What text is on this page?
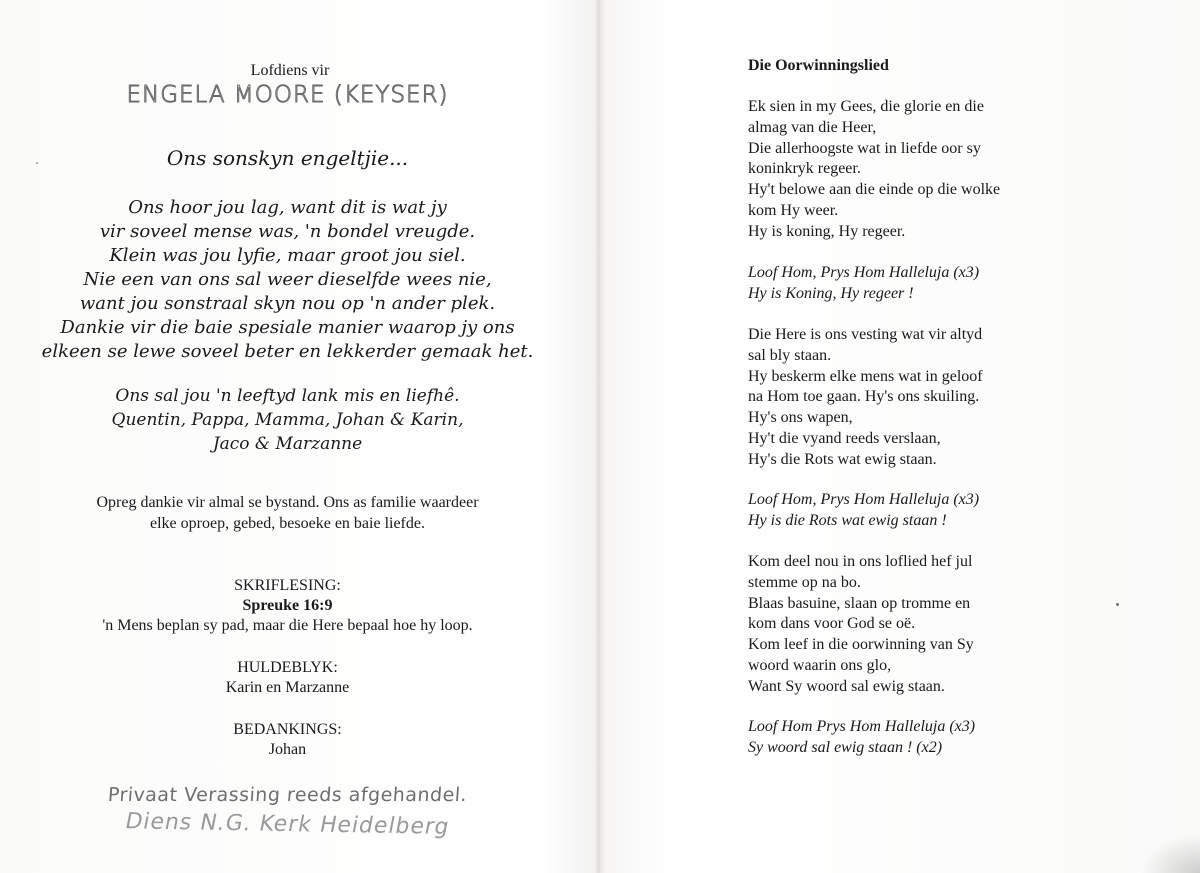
Lofdiens vir
ENGELA MOORE (KEYSER)
Ons sonskyn engeltjie...
Ons hoor jou lag, want dit is wat jy
vir soveel mense was, 'n bondel vreugde.
Klein was jou lyfie, maar groot jou siel.
Nie een van ons sal weer dieselfde wees nie,
want jou sonstraal skyn nou op 'n ander plek.
Dankie vir die baie spesiale manier waarop jy ons
elkeen se lewe soveel beter en lekkerder gemaak het.
Ons sal jou 'n leeftyd lank mis en liefhê.
Quentin, Pappa, Mamma, Johan & Karin,
Jaco & Marzanne
Opreg dankie vir almal se bystand. Ons as familie waardeer
elke oproep, gebed, besoeke en baie liefde.
SKRIFLESING:
Spreuke 16:9
'n Mens beplan sy pad, maar die Here bepaal hoe hy loop.
HULDEBLYK:
Karin en Marzanne
BEDANKINGS:
Johan
Privaat Verassing reeds afgehandel.
Diens N.G. Kerk Heidelberg
Die Oorwinningslied
Ek sien in my Gees, die glorie en die
almag van die Heer,
Die allerhoogste wat in liefde oor sy
koninkryk regeer.
Hy't belowe aan die einde op die wolke
kom Hy weer.
Hy is koning, Hy regeer.
Loof Hom, Prys Hom Halleluja (x3)
Hy is Koning, Hy regeer !
Die Here is ons vesting wat vir altyd
sal bly staan.
Hy beskerm elke mens wat in geloof
na Hom toe gaan. Hy's ons skuiling.
Hy's ons wapen,
Hy't die vyand reeds verslaan,
Hy's die Rots wat ewig staan.
Loof Hom, Prys Hom Halleluja (x3)
Hy is die Rots wat ewig staan !
Kom deel nou in ons loflied hef jul
stemme op na bo.
Blaas basuine, slaan op tromme en
kom dans voor God se oë.
Kom leef in die oorwinning van Sy
woord waarin ons glo,
Want Sy woord sal ewig staan.
Loof Hom Prys Hom Halleluja (x3)
Sy woord sal ewig staan ! (x2)
